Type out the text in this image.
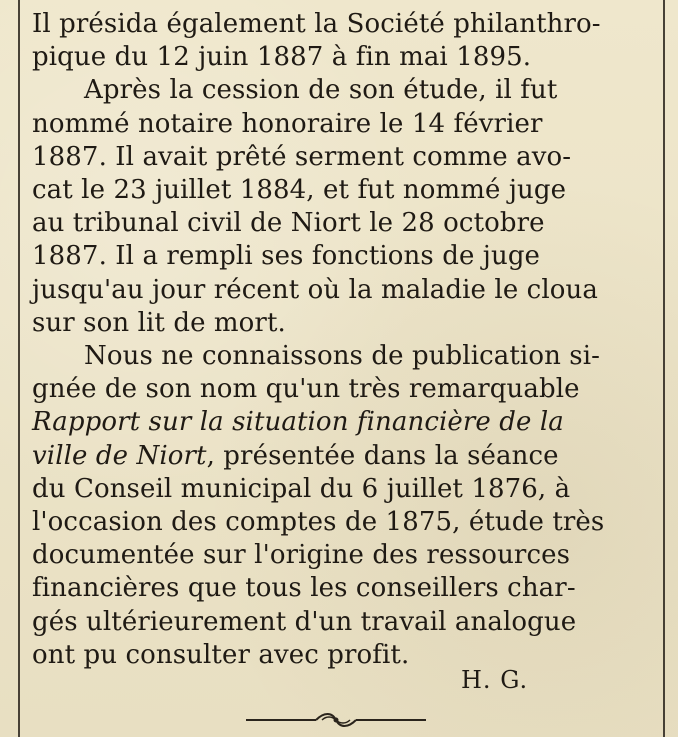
Il présida également la Société philanthro-
pique du 12 juin 1887 à fin mai 1895.

Après la cession de son étude, il fut
nommé notaire honoraire le 14 février
1887. Il avait prêté serment comme avo-
cat le 23 juillet 1884, et fut nommé juge
au tribunal civil de Niort le 28 octobre
1887. Il a rempli ses fonctions de juge
jusqu'au jour récent où la maladie le cloua
sur son lit de mort.

Nous ne connaissons de publication si-
gnée de son nom qu'un très remarquable
Rapport sur la situation financière de la
ville de Niort, présentée dans la séance
du Conseil municipal du 6 juillet 1876, à
l'occasion des comptes de 1875, étude très
documentée sur l'origine des ressources
financières que tous les conseillers char-
gés ultérieurement d'un travail analogue
ont pu consulter avec profit.

H. G.
